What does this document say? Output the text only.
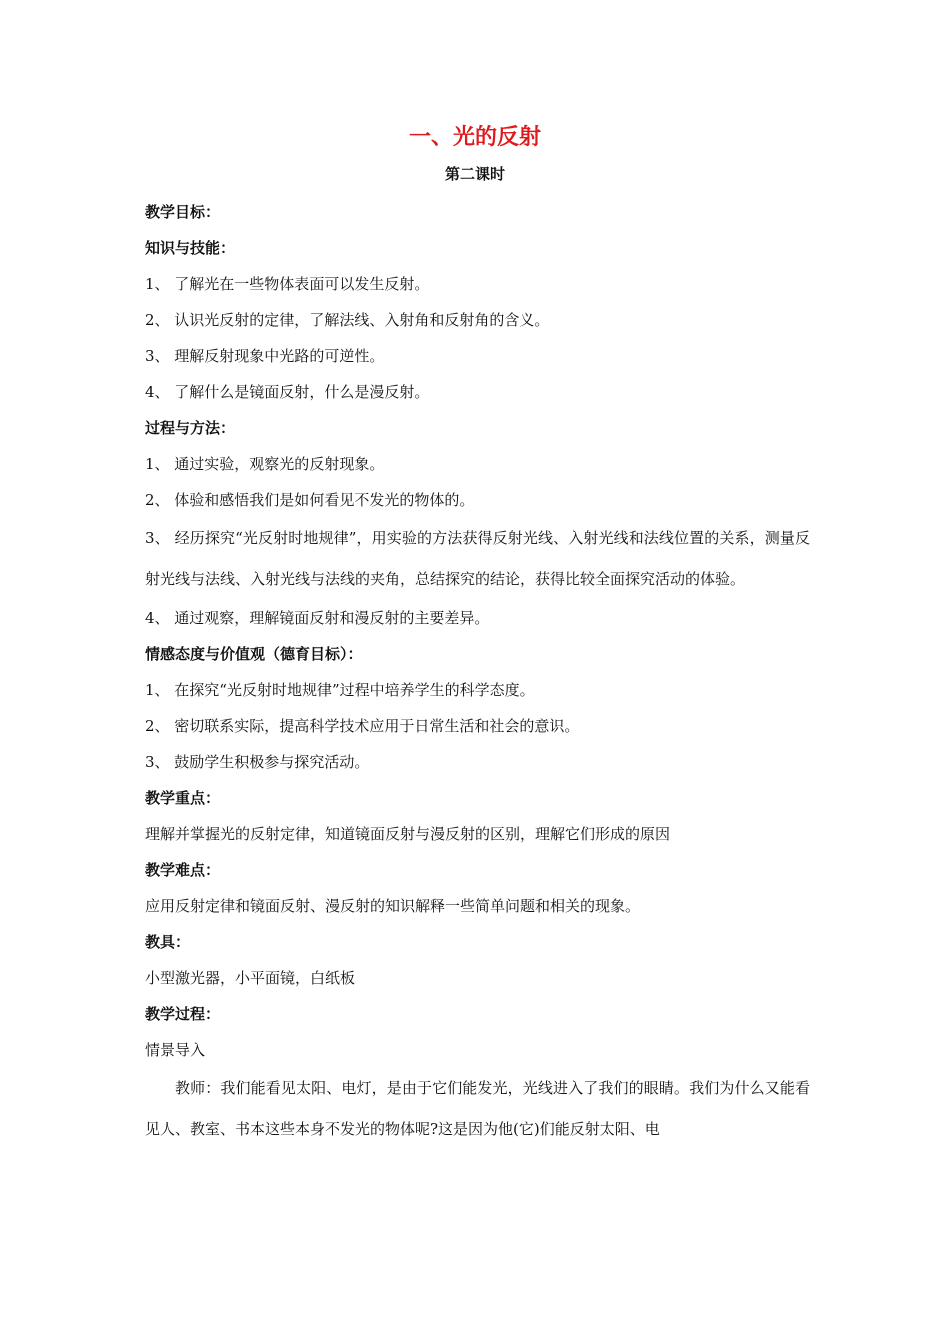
一、光的反射
第二课时
教学目标：
知识与技能：
1、 了解光在一些物体表面可以发生反射。
2、 认识光反射的定律，了解法线、入射角和反射角的含义。
3、 理解反射现象中光路的可逆性。
4、 了解什么是镜面反射，什么是漫反射。
过程与方法：
1、 通过实验，观察光的反射现象。
2、 体验和感悟我们是如何看见不发光的物体的。
3、 经历探究“光反射时地规律”，用实验的方法获得反射光线、入射光线和法线位置的关系，测量反射光线与法线、入射光线与法线的夹角，总结探究的结论，获得比较全面探究活动的体验。
4、 通过观察，理解镜面反射和漫反射的主要差异。
情感态度与价值观（德育目标）：
1、 在探究“光反射时地规律”过程中培养学生的科学态度。
2、 密切联系实际，提高科学技术应用于日常生活和社会的意识。
3、 鼓励学生积极参与探究活动。
教学重点：
理解并掌握光的反射定律，知道镜面反射与漫反射的区别，理解它们形成的原因
教学难点：
应用反射定律和镜面反射、漫反射的知识解释一些简单问题和相关的现象。
教具：
小型激光器，小平面镜，白纸板
教学过程：
情景导入
教师：我们能看见太阳、电灯，是由于它们能发光，光线进入了我们的眼睛。我们为什么又能看见人、教室、书本这些本身不发光的物体呢?这是因为他(它)们能反射太阳、电
